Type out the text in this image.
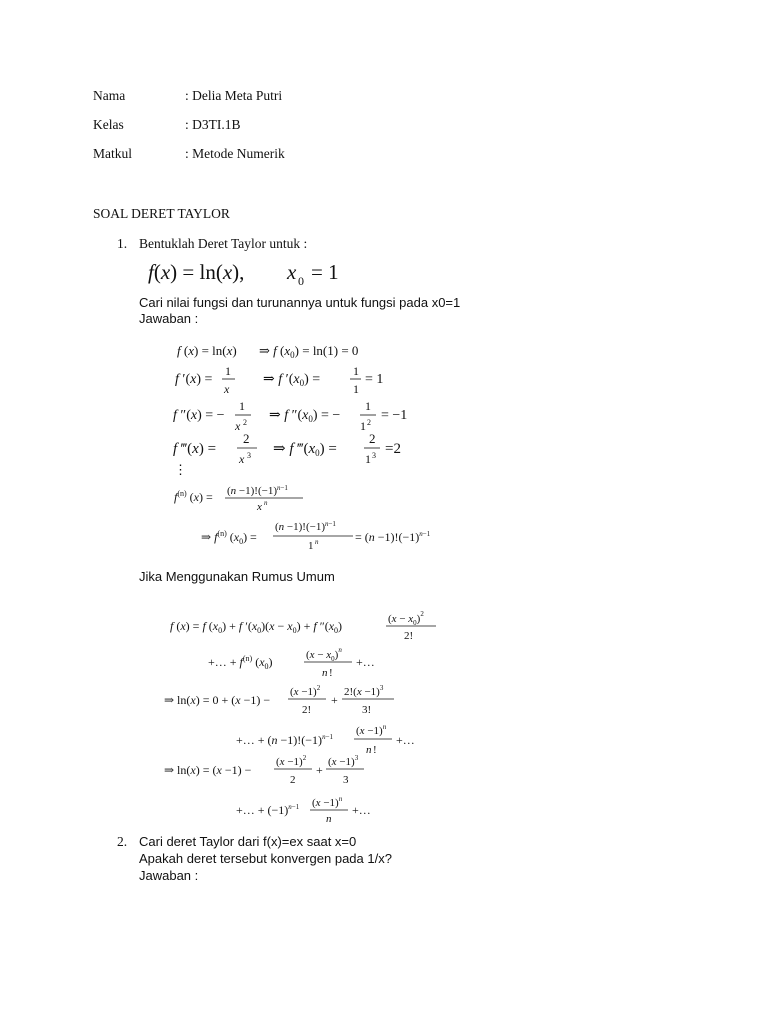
Nama	: Delia Meta Putri
Kelas	: D3TI.1B
Matkul	: Metode Numerik
SOAL DERET TAYLOR
1. Bentuklah Deret Taylor untuk :
f(x) = ln(x), x 0 = 1
Cari nilai fungsi dan turunannya untuk fungsi pada x0=1
Jawaban :
f (x) = ln(x) ⇒ f $(x_0) = \ln(1) = 0$
f ′(x) =
1
x
⇒ f $'(x_0)$ =
1
1
= 1
f ″(x) = −
1
x 2 ⇒ f $''(x_0)$ = −
1
1 2 = −1
f ‴(x) =
2
x 3 ⇒ f $‴(x_0)$ =
2
1 3 =2
⋮
$f^{(n)}$ $(x) = (n -1)!(-1)^n-1$
x n
⇒ $f^{(n)}$ $(x_0)$ =
$(n -1)!(-1)^n-1$
1 n	= $(n -1)!(-1)^n-1$
Jika Menggunakan Rumus Umum
f (x) = f $(x_0) + f$ $'(x_0)(x - x_0) + f$ $''(x_0)$	$(x - x_0)^2$
2!
+… + $f^{(n)}$ $(x_0)$	$(x - x_0)^n$
n !
+…
⇒ ln(x) = 0 + (x −1) −
$(x -1)^2$
2!
+
$2!(x -1)^3$
3!
+… + $(n -1)!(-1)^n-1$ $(x -1)^n$
n !
+…
⇒ ln(x) = (x −1) −
$(x -1)^2$
2
+
$(x -1)^3$
3
+… + $(-1)^n-1$ $(x -1)^n$
n
+…
2. Cari deret Taylor dari f(x)=ex saat x=0
Apakah deret tersebut konvergen pada 1/x?
Jawaban :
